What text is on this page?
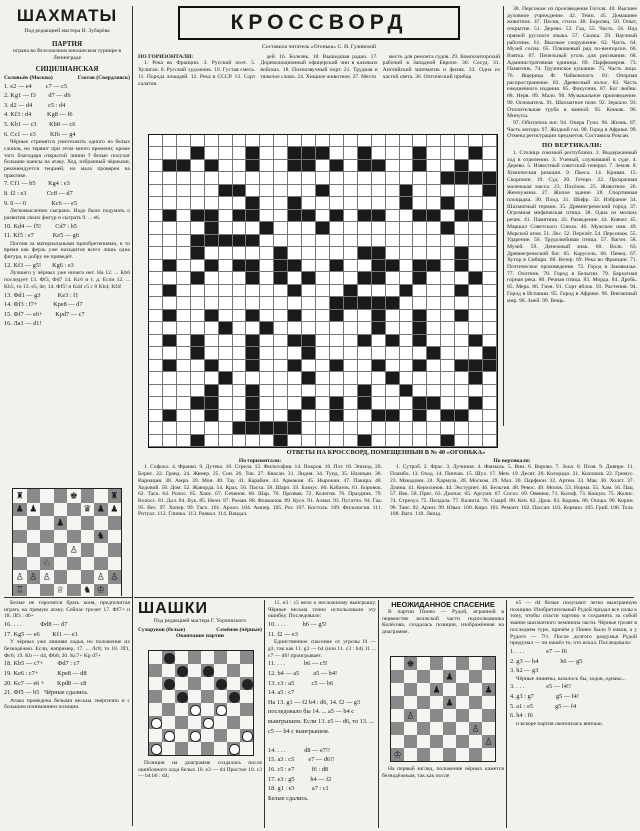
ШАХМАТЫ
Под редакцией мастера Н. Зубарёва
ПАРТИЯ
играна во Всесоюзном юношеском турнире в Ленинграде
СИЦИЛИАНСКАЯ
Соловьёв (Москва)	Глотов (Свердловск)
1. e2 — e4         c7 — c5
2. Kg1 — f3        d7 — d6
3. d2 — d4          c5 : d4
4. Kf3 : d4          Kg8 — f6
5. Kb1 — c3        Kb8 — c6
6. Cc1 — e3         Kf6 — g4

Чёрные стремятся уничтожить одного из белых слонов, но теряют при этом много времени; кроме того благодаря открытой линии f белые получат большие шансы на атаку. Ход, избранный чёрными, рекомендуется теорией, но мало проверен на практике.

7. Cf1 — b5        Kg4 : e3
8. f2 : e3             Cc8 — d7
9. 0 — 0                Kc6 — e5

Легкомысленно сыграно. Надо было подумать о развитии своих фигур и сыграть 9. ... е6.

10. Kd4 — f5!         Cd7 : b5
11. Kf5 : e7            Ke5 — g6

Погоня за материальными приобретениями, в то время как ферзь уже находится всего лишь одна фигура, и добру не приведёт.

12. Kf3 — g5!       Kg6 : e3

Лучшего у чёрных уже ничего нет. На 12. ... Kb6 последует 13. Фf3, Фd7 14. Kc6 и т. д. Если 12. ... Kb5, то 13. e5, de; 14. Фf5! и Kd4 c5 с 8 Kb4; Kf4!

13. Фd1 — g3           Ke3 : f1
14. Фf3 : f7+          Kpe8 — d7
15. Фf7 — e6+        Kpd7 — c7
16. Ла1 — d1!
♜	♚	♜
♟ ♟	♛ ♟ ♟
♟
♞
♙
♘
♙ ♙ ♙	♙ ♙
♖	♕ ♞ ♔
КРОССВОРД
Составила читатель «Огонька» С. И. Гуливский
ПО ГОРИЗОНТАЛИ:

1. Река во Франции. 3. Русский поэт. 5. Хулиган. 6. Русский художник. 10. Густая смесь. 11. Порода лошадей. 12. Река в СССР. 13. Сорт салатов.

дей. 16. Болезнь. 18. Вышедшая радио. 17. Дореволюционный офицерский чин в казачьих войсках. 18. Полнозвучный порт. 21. Трудная и тяжелое слово. 24. Хищное животное. 27. Место

место для ремонта судов. 29. Композиторский рабочий в Западной Европе. 30. Сосуд. 31. Английский математик и физик. 33. Одна из частей света. 36. Оптический прибор.

38. Персонаж из произведения Гоголя. 40. Высшее духовное учреждение. 42. Темп. 45. Домашнее животное. 47. Песня, стихи. 48. Боролец. 50. Опыт, открытие. 51. Дерево. 53. Гад. 55. Часть. 56. Над прямой русского языка. 57. Сказка. 59. Научный работник. 61. Высокое сооружение. 62. Часть. 64. Музей сосна. 65. Плюшевый ряд по-венгерски. 66. Взятка. 67. Пепельный уголь для рисования. 68. Административная единица. 69. Парфюмерия. 73. Памятник. 74. Грузинское кушание. 75. Часть лица. 76. Ящерица Ф. Чайковского. 81. Опорная распространение. 82. Древесный колос. 83. Часть ежедневного издания. 85. Фокусник. 87. Бог любви. 88. Нерв. 89. Мало. 90. Музыкальное произведение. 90. Основатель. 91. Шахматное поле. 92. Зеркало. 93. Отопительная труба в ванной. 95. Коньяк. 96. Минусы.

97. Обитатель ног. 94. Опера Гуно. 96. Жизнь. 87. Часть мотора. 97. Жидкий газ. 98. Город в Африке. 99. Отмена регистрации предметов. Составила Роксан.

ПО ВЕРТИКАЛИ:

1. Столица союзной республики. 2. Выдержанный ход в отделении. 3. Ученый, служивший в суде. 4. Дерево. 5. Известный советский генерал. 7. Земля. 8. Химическая реакция. 9. Пьеса. 14. Кривая. 15. Скорпион. 19. Суд. 20. Гетеро. 22. Прозрачная маленькая масса. 23. Посёлок. 25. Животное. 26. Жемчужина. 27. Жилое здание. 28. Спортивная площадка. 30. Плод. 31. Шифр. 32. Избрание 34. Шахматный термин. 35. Древнегреческий город. 37. Огромная мифическая птица. 38. Одна из мелких речек. 41. Памятник. 43. Разведение. 44. Ковчег. 45. Маршал Советского Союза. 46. Мужское имя. 49. Морской атом. 51. Лес. 52. Перелёт. 54. Персонаж. 55. Ударение. 56. Трудолюбивая птица. 57. Вагон. 58. Музей. 59. Денежный знак. 60. Волк. 63. Древнегреческий бог. 65. Карусель. 66. Певец. 67. Хутор в Сибири. 68. Ветер. 69. Река во Франции. 71. Поэтическое произведение. 72. Город в Закавказье. 77. Охотник. 78. Город в Бельгии. 79. Бархатная горная река. 80. Речная птица. 83. Морда. 84. Дробь. 85. Мера. 86. Гнев. 91. Сорт яблок. 93. Растения. 94. Город в Испании. 95. Город в Африке. 96. Внезапный мир. 98. Змей. 99. Вещь.

ОТВЕТЫ НА КРОССВОРД, ПОМЕЩЕННЫЙ В № 40 «ОГОНЬКА»
По горизонтали:

1. Софокл. 4. Франко. 9. Дутеко. 10. Стрела. 12. Философия. 14. Покров. 16. Пэт. 18. Эпизод. 20. Борис. 22. Гранд. 24. Жемер. 25. Сон. 26. Ток. 27. Квасан. 31. Лидия. 34. Тунд. 35. Назицан. 36. Вариация. 38. Амра. 39. Мон. 40. Тау. 41. Карабин. 43. Армакия. 45. Нырокин. 47. Пакира. 48. Ходовой. 50. Дом. 52. Жаворда. 54. Крах. 56. Пасха. 58. Шарп. 59. Базиус. 60. Кабаток. 61. Боровок. 62. Таск. 64. Ролос. 65. Хаис. 67. Сеченов. 68. Шар. 70. Прозвак. 72. Колегия. 76. Праздник. 79. Волосс. 81. Дол. 84. Вук. 85. Неон. 87. Роман. 88. Фламанов. 89. Кусо. 91. Алеко. 93. Пугатчо. 94. Гаа. 95. Вес. 97. Хопер. 99. Тасо. 101. Архол. 104. Ампер. 105. Рог. 107. Костоль. 109. Филология. 111. Ритуал. 112. Глинка. 113. Раякол. 114. Вандал.

По вертикали:

1. Сутроб. 2. Фрас. 3. Лучиния. 4. Фанзаль. 5. Вин. 6. Вировз. 7. Зоол. 8. Псоя. 9. Дияире. 11. Пламбо. 13. Оход. 14. Пинчак. 15. Шух. 17. Мен. 19. Десят. 20. Колорадо. 21. Колошов. 22. Гримус. 23. Макадони. 24. Хармуза. 28. Моском. 29. Мал. 30. Парфион. 32. Артем. 33. Мак. 36. Холст. 37. Длина. 41. Керосинов. 44. Экстуриет. 46. Бельгия. 48. Ревос. 49. Молок. 53. Норма. 55. Хам. 56. Пац. 57. Век. 58. Прес. 63. Диопас. 65. Арсуин. 67. Сосос. 69. Овевеш. 71. Колоф. 73. Кошум. 75. Жолис. 74. Стрелуз. 75. Пелдала. 77. Валюта. 78. Смарб. 80. Кеп. 82. Дрок. 83. Корань. 86. Опора. 90. Корин. 96. Таис. 92. Арзиз. 99. Ювал. 100. Киро. 101. Ремонт. 102. Пассан. 103. Кормил. 105. Гриб. 106. Тола. 108. Ваго. 110. Люид.

Белые не торопятся брать коня, предпочитая играть на прямую атаку. Сейчас грозит 17. Фf7+ и 18. Лf3 : d6+

16. . . .            Фd8 — d7
17. Kg5 — e6        Kf1 — e3

У чёрных уже лишняя ладья, но положение их безнадёжно. Если, например, 17. ... Лc8, то 18. Лf1, Фc6; 19. Kb — d4, Фb6; 20. Kc7+ Kp d7+

18. Kb5 — c7+         Фd7 : c7
19. Ke6 : c7+            Kpe8 — d8
20. Kc7 — e6 +        Kpd8 — c8
21. Фf5 — b5   Чёрные сдались.

Атака проведена белыми весьма энергично и с большим пониманием позиции.

ШАШКИ
Под редакцией мастера Г. Торчинского
Сухоруков (белые)	Семёнов (чёрные)
Окончание партии

Позиция на диаграмме создалась после ошибочного хода белых 10. e3 — d4 Простое 10. c3 — b4 b6 : d4;

11. e3 : c5 вело к несложному выигрышу. Чёрные весьма точно использовали эту ошибку. Последовало:

10. . . .           h6 — g5!
11. f2 — e3

Единственное спасение от угрозы f4 — g3, так как 11. g3 — h4 (или 11. c3 : b4) 11 ... c7 — d6! проигрывает.

11. . . .            b6 — c5!
12. b4 — a5         a5 — b4!
13. c3 : a5           c5 — b6
14. a5 : c7
На 13. g1 — f2 b4 : d6, 14. f2 — g3 последовало бы 14. ... a5 — b4 с выигрышем. Если 13. e5 — d6, то 13. ... c5 — b4 с выигрышем.

14. . . .            d8 — e7!!
15. a3 : c5         e7 — d6!!
16. c5 : e7           f6 : d8
17. e3 : g5          h4 — f2
18. g1 : e3           a7 : c1
Белые сдались.
НЕОЖИДАННОЕ СПАСЕНИЕ

В партии Пинео — Рудой, игранной в первенстве волжской части подполковника Колёсова, создалась позиция, изображённая на диаграмме.

♚
♟
♟	♟
♟
♙
♙
♙
♔

На первый взгляд, положение чёрных кажется безнадёжным, так как после

e5 — d4 белые получают легко выигранную позицию. Изобретательный Рудой придал все силы к тому, чтобы спасти партию и сохранить за собой звание шахматного чемпиона части. Чёрные грозят в последнем туре, причём у Пинео было 9 очков, а у Рудого — 7½. После долгого раздумья Рудой придумал — он нашёл то, что искал. Последовало:

1. . . .              e7 — f6
2. g3 — h4              h6 — g5
3. h2 — g3

Чёрные лишены, казалось бы, ходов, однако...

3. . . .              e5 — f4!!
4. g3 : g7              g5 — f4!
5. a1 : e5              g5 — f4
6. h4 : f6

и вскоре партия окончилась вничью.
